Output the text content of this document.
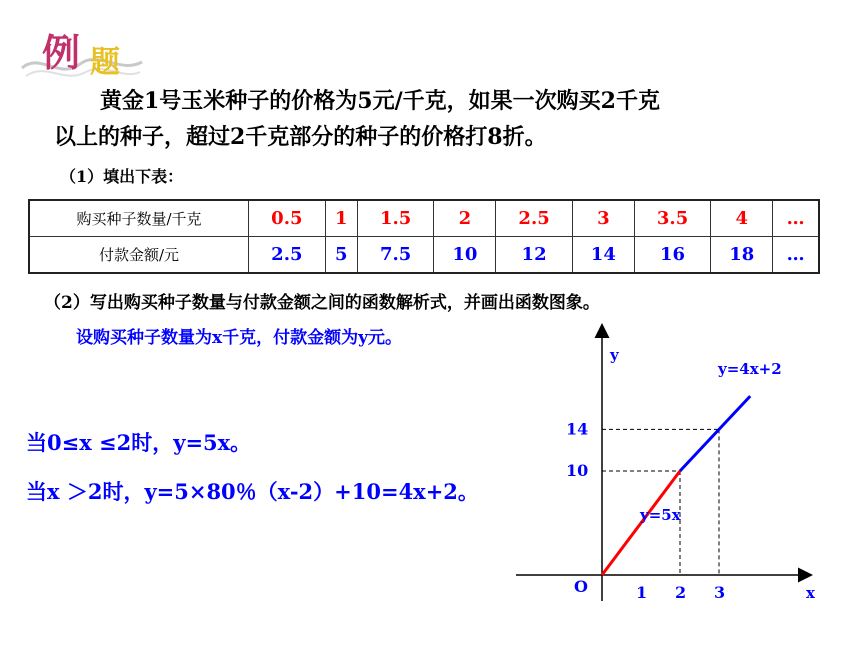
例 题
黄金1号玉米种子的价格为5元/千克，如果一次购买2千克
以上的种子，超过2千克部分的种子的价格打8折。
（1）填出下表：
购买种子数量/千克	0.5	1	1.5	2	2.5	3	3.5	4	…
付款金额/元	2.5	5	7.5	10	12	14	16	18	…
（2）写出购买种子数量与付款金额之间的函数解析式，并画出函数图象。
设购买种子数量为x千克，付款金额为y元。
当0≤x ≤2时，y=5x。
当x ＞2时，y=5×80％（x-2）+10=4x+2。
x
y
O	1 2 3
10
14
y=5x
y=4x+2
